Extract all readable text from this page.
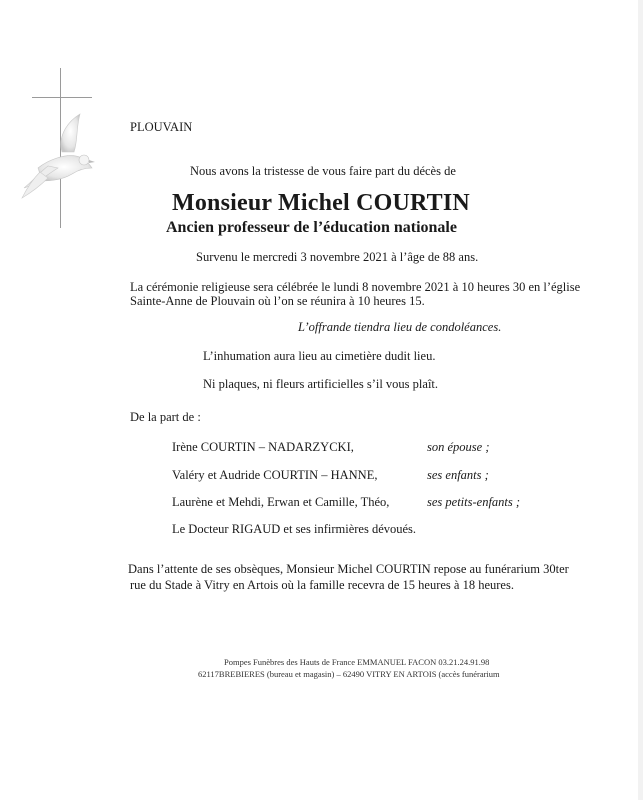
PLOUVAIN
Nous avons la tristesse de vous faire part du décès de
Monsieur Michel COURTIN
Ancien professeur de l’éducation nationale
Survenu le mercredi 3 novembre 2021 à l’âge de 88 ans.
La cérémonie religieuse sera célébrée le lundi 8 novembre 2021 à 10 heures 30 en l’église
Sainte-Anne de Plouvain où l’on se réunira à 10 heures 15.
L’offrande tiendra lieu de condoléances.
L’inhumation aura lieu au cimetière dudit lieu.
Ni plaques, ni fleurs artificielles s’il vous plaît.
De la part de :
Irène COURTIN – NADARZYCKI,	son épouse ;
Valéry et Audride COURTIN – HANNE,	ses enfants ;
Laurène et Mehdi, Erwan et Camille, Théo,	ses petits-enfants ;
Le Docteur RIGAUD et ses infirmières dévoués.
Dans l’attente de ses obsèques, Monsieur Michel COURTIN repose au funérarium 30ter
rue du Stade à Vitry en Artois où la famille recevra de 15 heures à 18 heures.
Pompes Funèbres des Hauts de France EMMANUEL FACON 03.21.24.91.98
62117BREBIERES (bureau et magasin) – 62490 VITRY EN ARTOIS (accès funérarium
